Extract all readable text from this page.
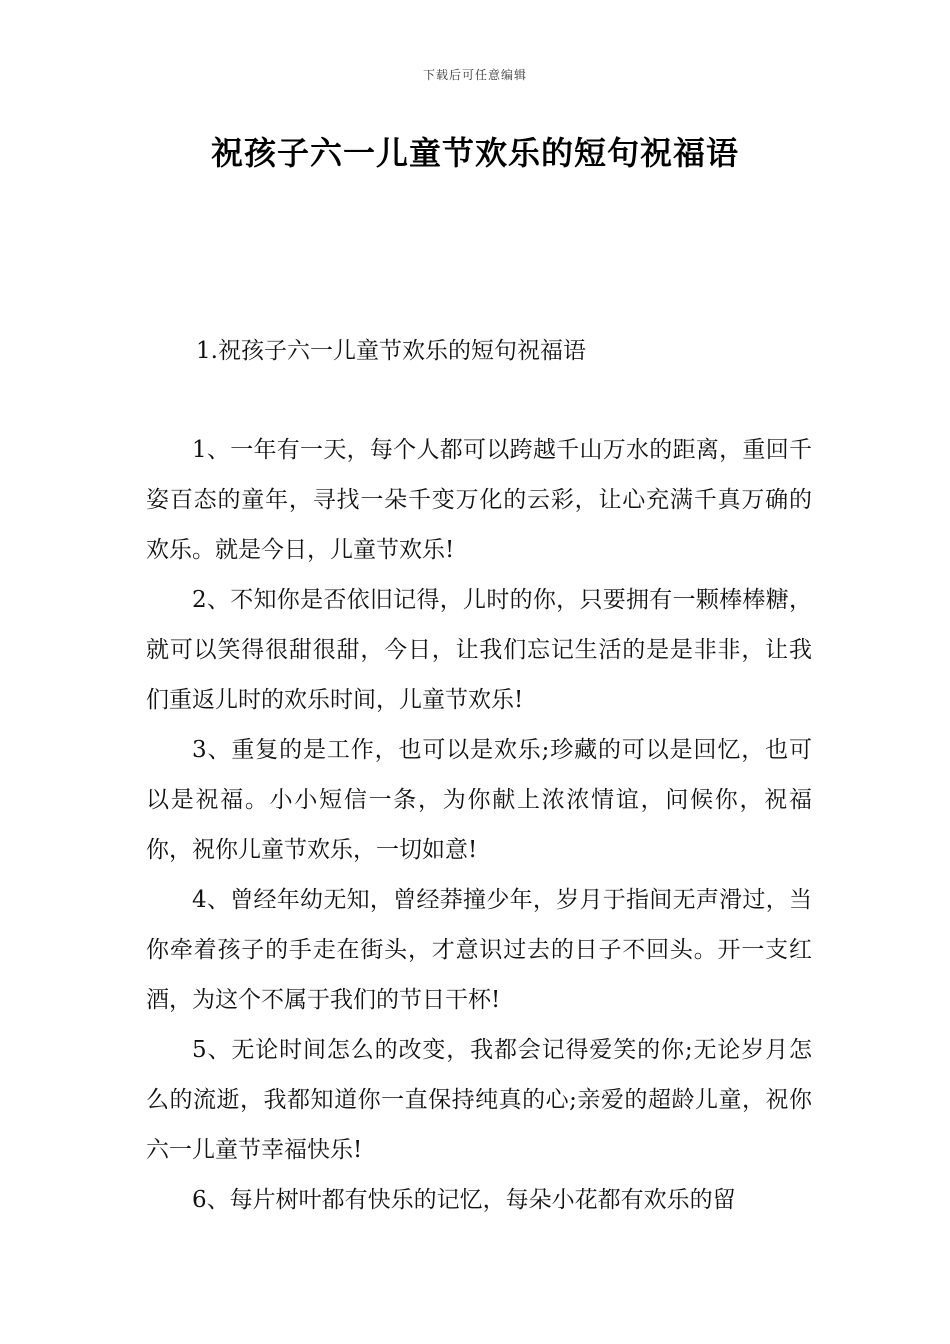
下载后可任意编辑
祝孩子六一儿童节欢乐的短句祝福语
1.祝孩子六一儿童节欢乐的短句祝福语

1、一年有一天，每个人都可以跨越千山万水的距离，重回千姿百态的童年，寻找一朵千变万化的云彩，让心充满千真万确的欢乐。就是今日，儿童节欢乐!

2、不知你是否依旧记得，儿时的你，只要拥有一颗棒棒糖，就可以笑得很甜很甜，今日，让我们忘记生活的是是非非，让我们重返儿时的欢乐时间，儿童节欢乐!

3、重复的是工作，也可以是欢乐;珍藏的可以是回忆，也可以是祝福。小小短信一条，为你献上浓浓情谊，问候你，祝福你，祝你儿童节欢乐，一切如意!

4、曾经年幼无知，曾经莽撞少年，岁月于指间无声滑过，当你牵着孩子的手走在街头，才意识过去的日子不回头。开一支红酒，为这个不属于我们的节日干杯!

5、无论时间怎么的改变，我都会记得爱笑的你;无论岁月怎么的流逝，我都知道你一直保持纯真的心;亲爱的超龄儿童，祝你六一儿童节幸福快乐!

6、每片树叶都有快乐的记忆，每朵小花都有欢乐的留
